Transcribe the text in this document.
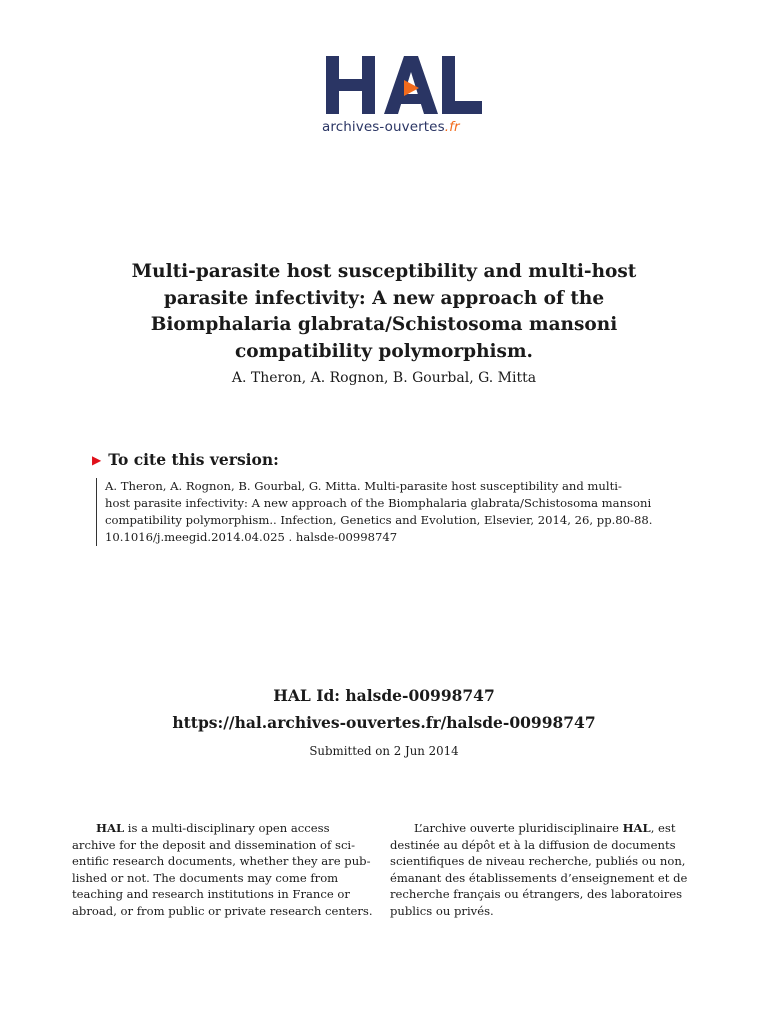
archives-ouvertes.fr
Multi-parasite host susceptibility and multi-host
parasite infectivity: A new approach of the
Biomphalaria glabrata/Schistosoma mansoni
compatibility polymorphism.
A. Theron, A. Rognon, B. Gourbal, G. Mitta
▶ To cite this version:
A. Theron, A. Rognon, B. Gourbal, G. Mitta. Multi-parasite host susceptibility and multi-
host parasite infectivity: A new approach of the Biomphalaria glabrata/Schistosoma mansoni
compatibility polymorphism.. Infection, Genetics and Evolution, Elsevier, 2014, 26, pp.80-88.
10.1016/j.meegid.2014.04.025 . halsde-00998747
HAL Id: halsde-00998747
https://hal.archives-ouvertes.fr/halsde-00998747
Submitted on 2 Jun 2014
HAL is a multi-disciplinary open access
archive for the deposit and dissemination of sci-
entific research documents, whether they are pub-
lished or not. The documents may come from
teaching and research institutions in France or
abroad, or from public or private research centers.
L’archive ouverte pluridisciplinaire HAL, est
destinée au dépôt et à la diffusion de documents
scientifiques de niveau recherche, publiés ou non,
émanant des établissements d’enseignement et de
recherche français ou étrangers, des laboratoires
publics ou privés.
